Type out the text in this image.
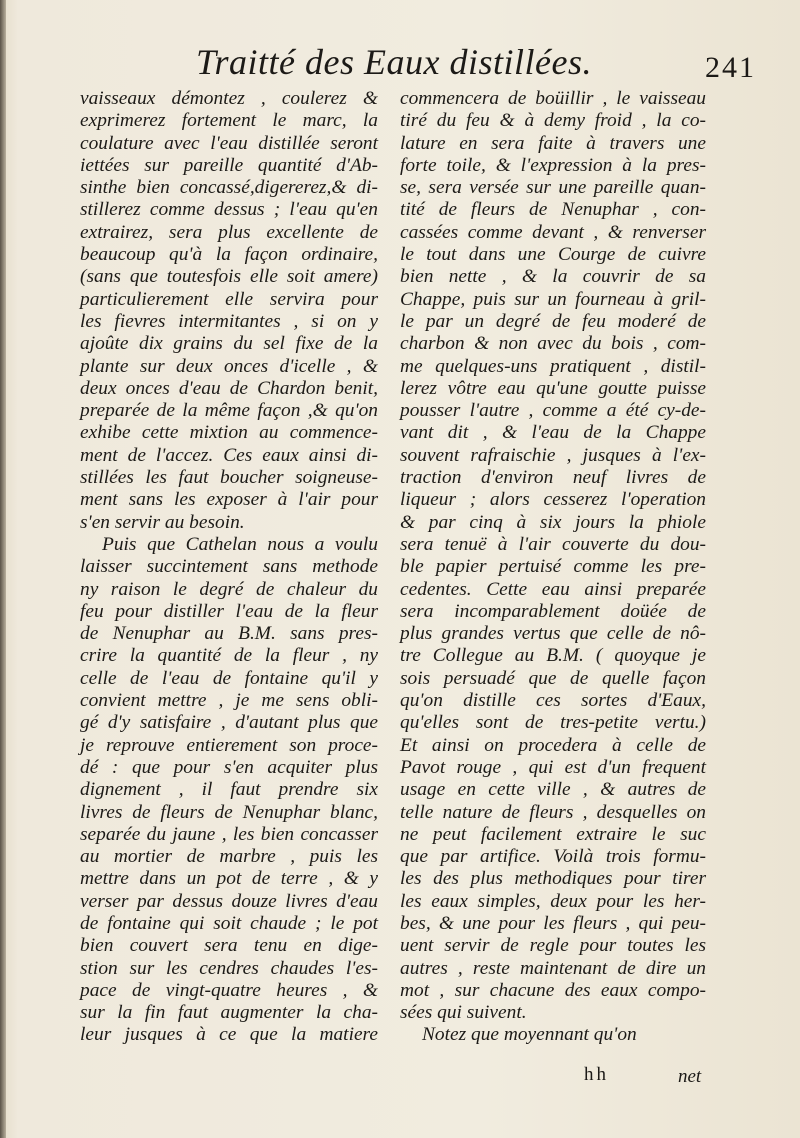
Traitté des Eaux distillées.	241
vaisseaux démontez , coulerez &
exprimerez fortement le marc, la
coulature avec l'eau distillée seront
iettées sur pareille quantité d'Ab-
sinthe bien concassé,digererez,& di-
stillerez comme dessus ; l'eau qu'en
extrairez, sera plus excellente de
beaucoup qu'à la façon ordinaire,
(sans que toutesfois elle soit amere)
particulierement elle servira pour
les fievres intermitantes , si on y
ajoûte dix grains du sel fixe de la
plante sur deux onces d'icelle , &
deux onces d'eau de Chardon benit,
preparée de la même façon ,& qu'on
exhibe cette mixtion au commence-
ment de l'accez. Ces eaux ainsi di-
stillées les faut boucher soigneuse-
ment sans les exposer à l'air pour
s'en servir au besoin.
Puis que Cathelan nous a voulu
laisser succintement sans methode
ny raison le degré de chaleur du
feu pour distiller l'eau de la fleur
de Nenuphar au B.M. sans pres-
crire la quantité de la fleur , ny
celle de l'eau de fontaine qu'il y
convient mettre , je me sens obli-
gé d'y satisfaire , d'autant plus que
je reprouve entierement son proce-
dé : que pour s'en acquiter plus
dignement , il faut prendre six
livres de fleurs de Nenuphar blanc,
separée du jaune , les bien concasser
au mortier de marbre , puis les
mettre dans un pot de terre , & y
verser par dessus douze livres d'eau
de fontaine qui soit chaude ; le pot
bien couvert sera tenu en dige-
stion sur les cendres chaudes l'es-
pace de vingt-quatre heures , &
sur la fin faut augmenter la cha-
leur jusques à ce que la matiere
commencera de boüillir , le vaisseau
tiré du feu & à demy froid , la co-
lature en sera faite à travers une
forte toile, & l'expression à la pres-
se, sera versée sur une pareille quan-
tité de fleurs de Nenuphar , con-
cassées comme devant , & renverser
le tout dans une Courge de cuivre
bien nette , & la couvrir de sa
Chappe, puis sur un fourneau à gril-
le par un degré de feu moderé de
charbon & non avec du bois , com-
me quelques-uns pratiquent , distil-
lerez vôtre eau qu'une goutte puisse
pousser l'autre , comme a été cy-de-
vant dit , & l'eau de la Chappe
souvent rafraischie , jusques à l'ex-
traction d'environ neuf livres de
liqueur ; alors cesserez l'operation
& par cinq à six jours la phiole
sera tenuë à l'air couverte du dou-
ble papier pertuisé comme les pre-
cedentes. Cette eau ainsi preparée
sera incomparablement doüée de
plus grandes vertus que celle de nô-
tre Collegue au B.M. ( quoyque je
sois persuadé que de quelle façon
qu'on distille ces sortes d'Eaux,
qu'elles sont de tres-petite vertu.)
Et ainsi on procedera à celle de
Pavot rouge , qui est d'un frequent
usage en cette ville , & autres de
telle nature de fleurs , desquelles on
ne peut facilement extraire le suc
que par artifice. Voilà trois formu-
les des plus methodiques pour tirer
les eaux simples, deux pour les her-
bes, & une pour les fleurs , qui peu-
uent servir de regle pour toutes les
autres , reste maintenant de dire un
mot , sur chacune des eaux compo-
sées qui suivent.
Notez que moyennant qu'on
hh	net
